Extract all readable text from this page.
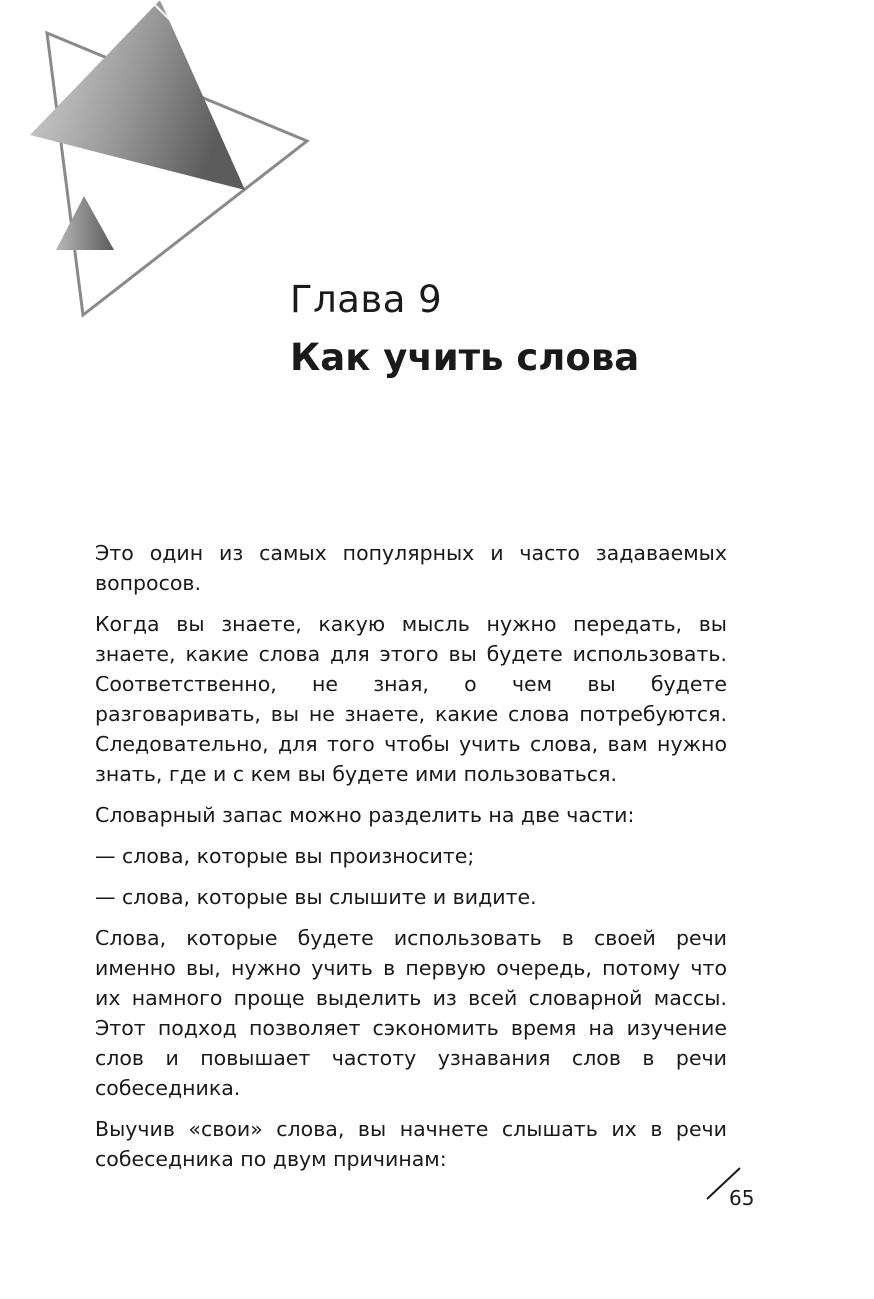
Глава 9
Как учить слова

Это один из самых популярных и часто задаваемых вопросов.

Когда вы знаете, какую мысль нужно передать, вы знаете, какие слова для этого вы будете использовать. Соответственно, не зная, о чем вы будете разговаривать, вы не знаете, какие слова потребуются. Следовательно, для того чтобы учить слова, вам нужно знать, где и с кем вы будете ими пользоваться.

Словарный запас можно разделить на две части:

— слова, которые вы произносите;
— слова, которые вы слышите и видите.

Слова, которые будете использовать в своей речи именно вы, нужно учить в первую очередь, потому что их намного проще выделить из всей словарной массы. Этот подход позволяет сэкономить время на изучение слов и повышает частоту узнавания слов в речи собеседника.

Выучив «свои» слова, вы начнете слышать их в речи собеседника по двум причинам:

65
